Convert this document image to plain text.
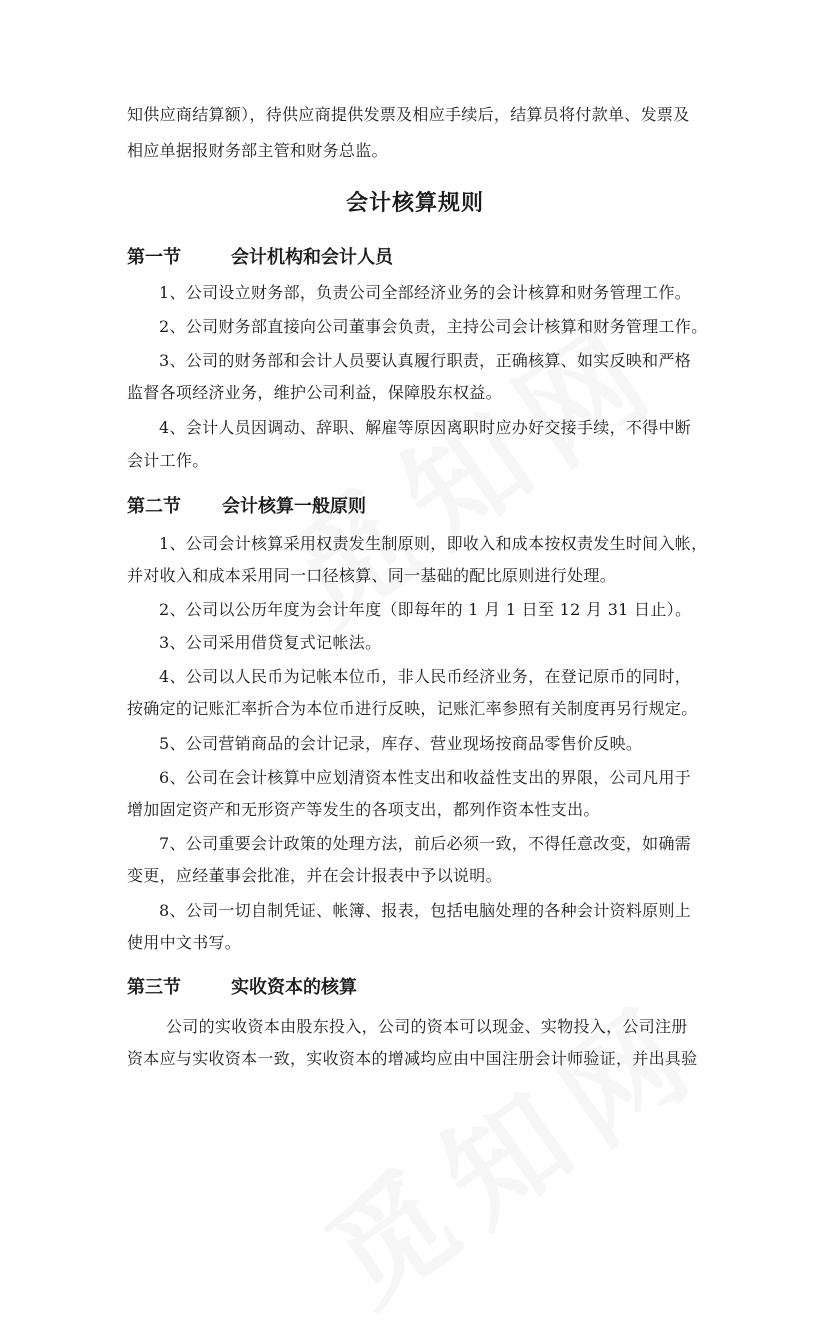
知供应商结算额），待供应商提供发票及相应手续后，结算员将付款单、发票及
相应单据报财务部主管和财务总监。
会计核算规则
第一节	会计机构和会计人员
1、公司设立财务部，负责公司全部经济业务的会计核算和财务管理工作。
2、公司财务部直接向公司董事会负责，主持公司会计核算和财务管理工作。
3、公司的财务部和会计人员要认真履行职责，正确核算、如实反映和严格
监督各项经济业务，维护公司利益，保障股东权益。
4、会计人员因调动、辞职、解雇等原因离职时应办好交接手续，不得中断
会计工作。
第二节 会计核算一般原则
1、公司会计核算采用权责发生制原则，即收入和成本按权责发生时间入帐，
并对收入和成本采用同一口径核算、同一基础的配比原则进行处理。
2、公司以公历年度为会计年度（即每年的 1 月 1 日至 12 月 31 日止）。
3、公司采用借贷复式记帐法。
4、公司以人民币为记帐本位币，非人民币经济业务，在登记原币的同时，
按确定的记账汇率折合为本位币进行反映，记账汇率参照有关制度再另行规定。
5、公司营销商品的会计记录，库存、营业现场按商品零售价反映。
6、公司在会计核算中应划清资本性支出和收益性支出的界限，公司凡用于
增加固定资产和无形资产等发生的各项支出，都列作资本性支出。
7、公司重要会计政策的处理方法，前后必须一致，不得任意改变，如确需
变更，应经董事会批准，并在会计报表中予以说明。
8、公司一切自制凭证、帐簿、报表，包括电脑处理的各种会计资料原则上
使用中文书写。
第三节	实收资本的核算
公司的实收资本由股东投入，公司的资本可以现金、实物投入，公司注册
资本应与实收资本一致，实收资本的增减均应由中国注册会计师验证，并出具验
